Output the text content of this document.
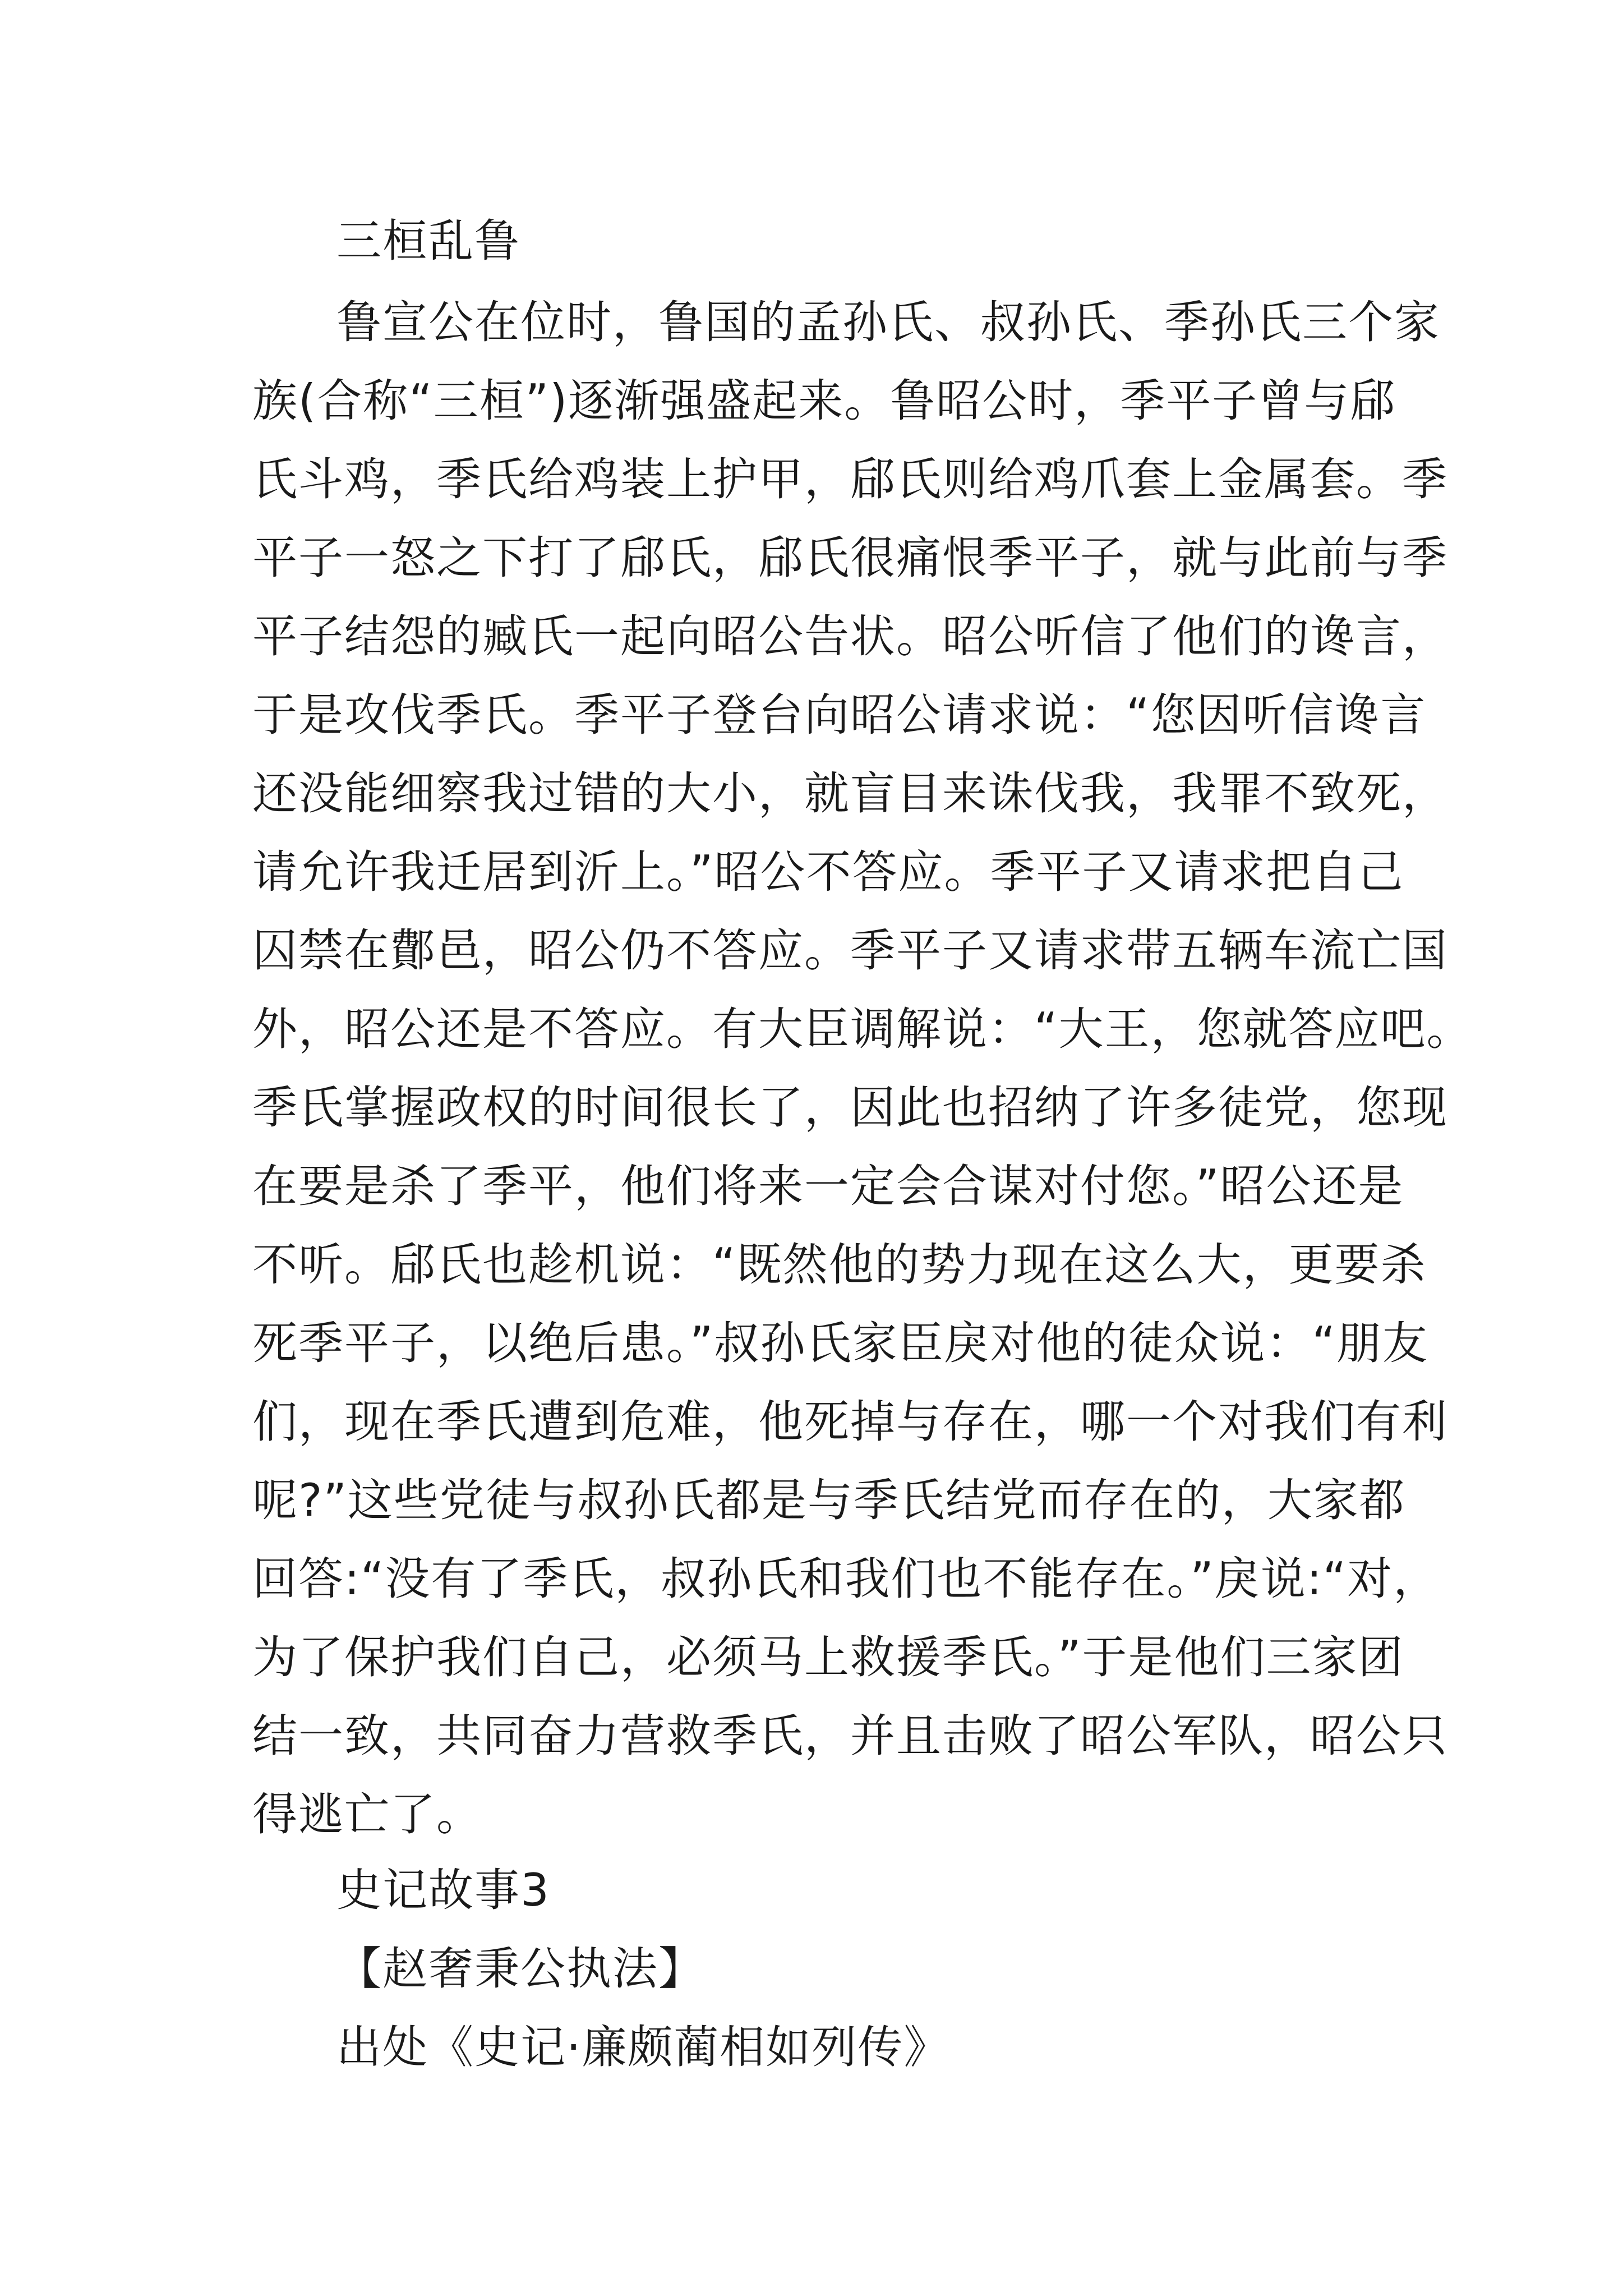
三桓乱鲁
鲁宣公在位时，鲁国的孟孙氏、叔孙氏、季孙氏三个家
族(合称“三桓”)逐渐强盛起来。鲁昭公时，季平子曾与郈
氏斗鸡，季氏给鸡装上护甲，郈氏则给鸡爪套上金属套。季
平子一怒之下打了郈氏，郈氏很痛恨季平子，就与此前与季
平子结怨的臧氏一起向昭公告状。昭公听信了他们的谗言，
于是攻伐季氏。季平子登台向昭公请求说：“您因听信谗言
还没能细察我过错的大小，就盲目来诛伐我，我罪不致死，
请允许我迁居到沂上。”昭公不答应。季平子又请求把自己
囚禁在鄪邑，昭公仍不答应。季平子又请求带五辆车流亡国
外，昭公还是不答应。有大臣调解说：“大王，您就答应吧。
季氏掌握政权的时间很长了，因此也招纳了许多徒党，您现
在要是杀了季平，他们将来一定会合谋对付您。”昭公还是
不听。郈氏也趁机说：“既然他的势力现在这么大，更要杀
死季平子，以绝后患。”叔孙氏家臣戾对他的徒众说：“朋友
们，现在季氏遭到危难，他死掉与存在，哪一个对我们有利
呢?”这些党徒与叔孙氏都是与季氏结党而存在的，大家都
回答:“没有了季氏，叔孙氏和我们也不能存在。”戾说:“对，
为了保护我们自己，必须马上救援季氏。”于是他们三家团
结一致，共同奋力营救季氏，并且击败了昭公军队，昭公只
得逃亡了。
史记故事3
【赵奢秉公执法】
出处《史记·廉颇蔺相如列传》
